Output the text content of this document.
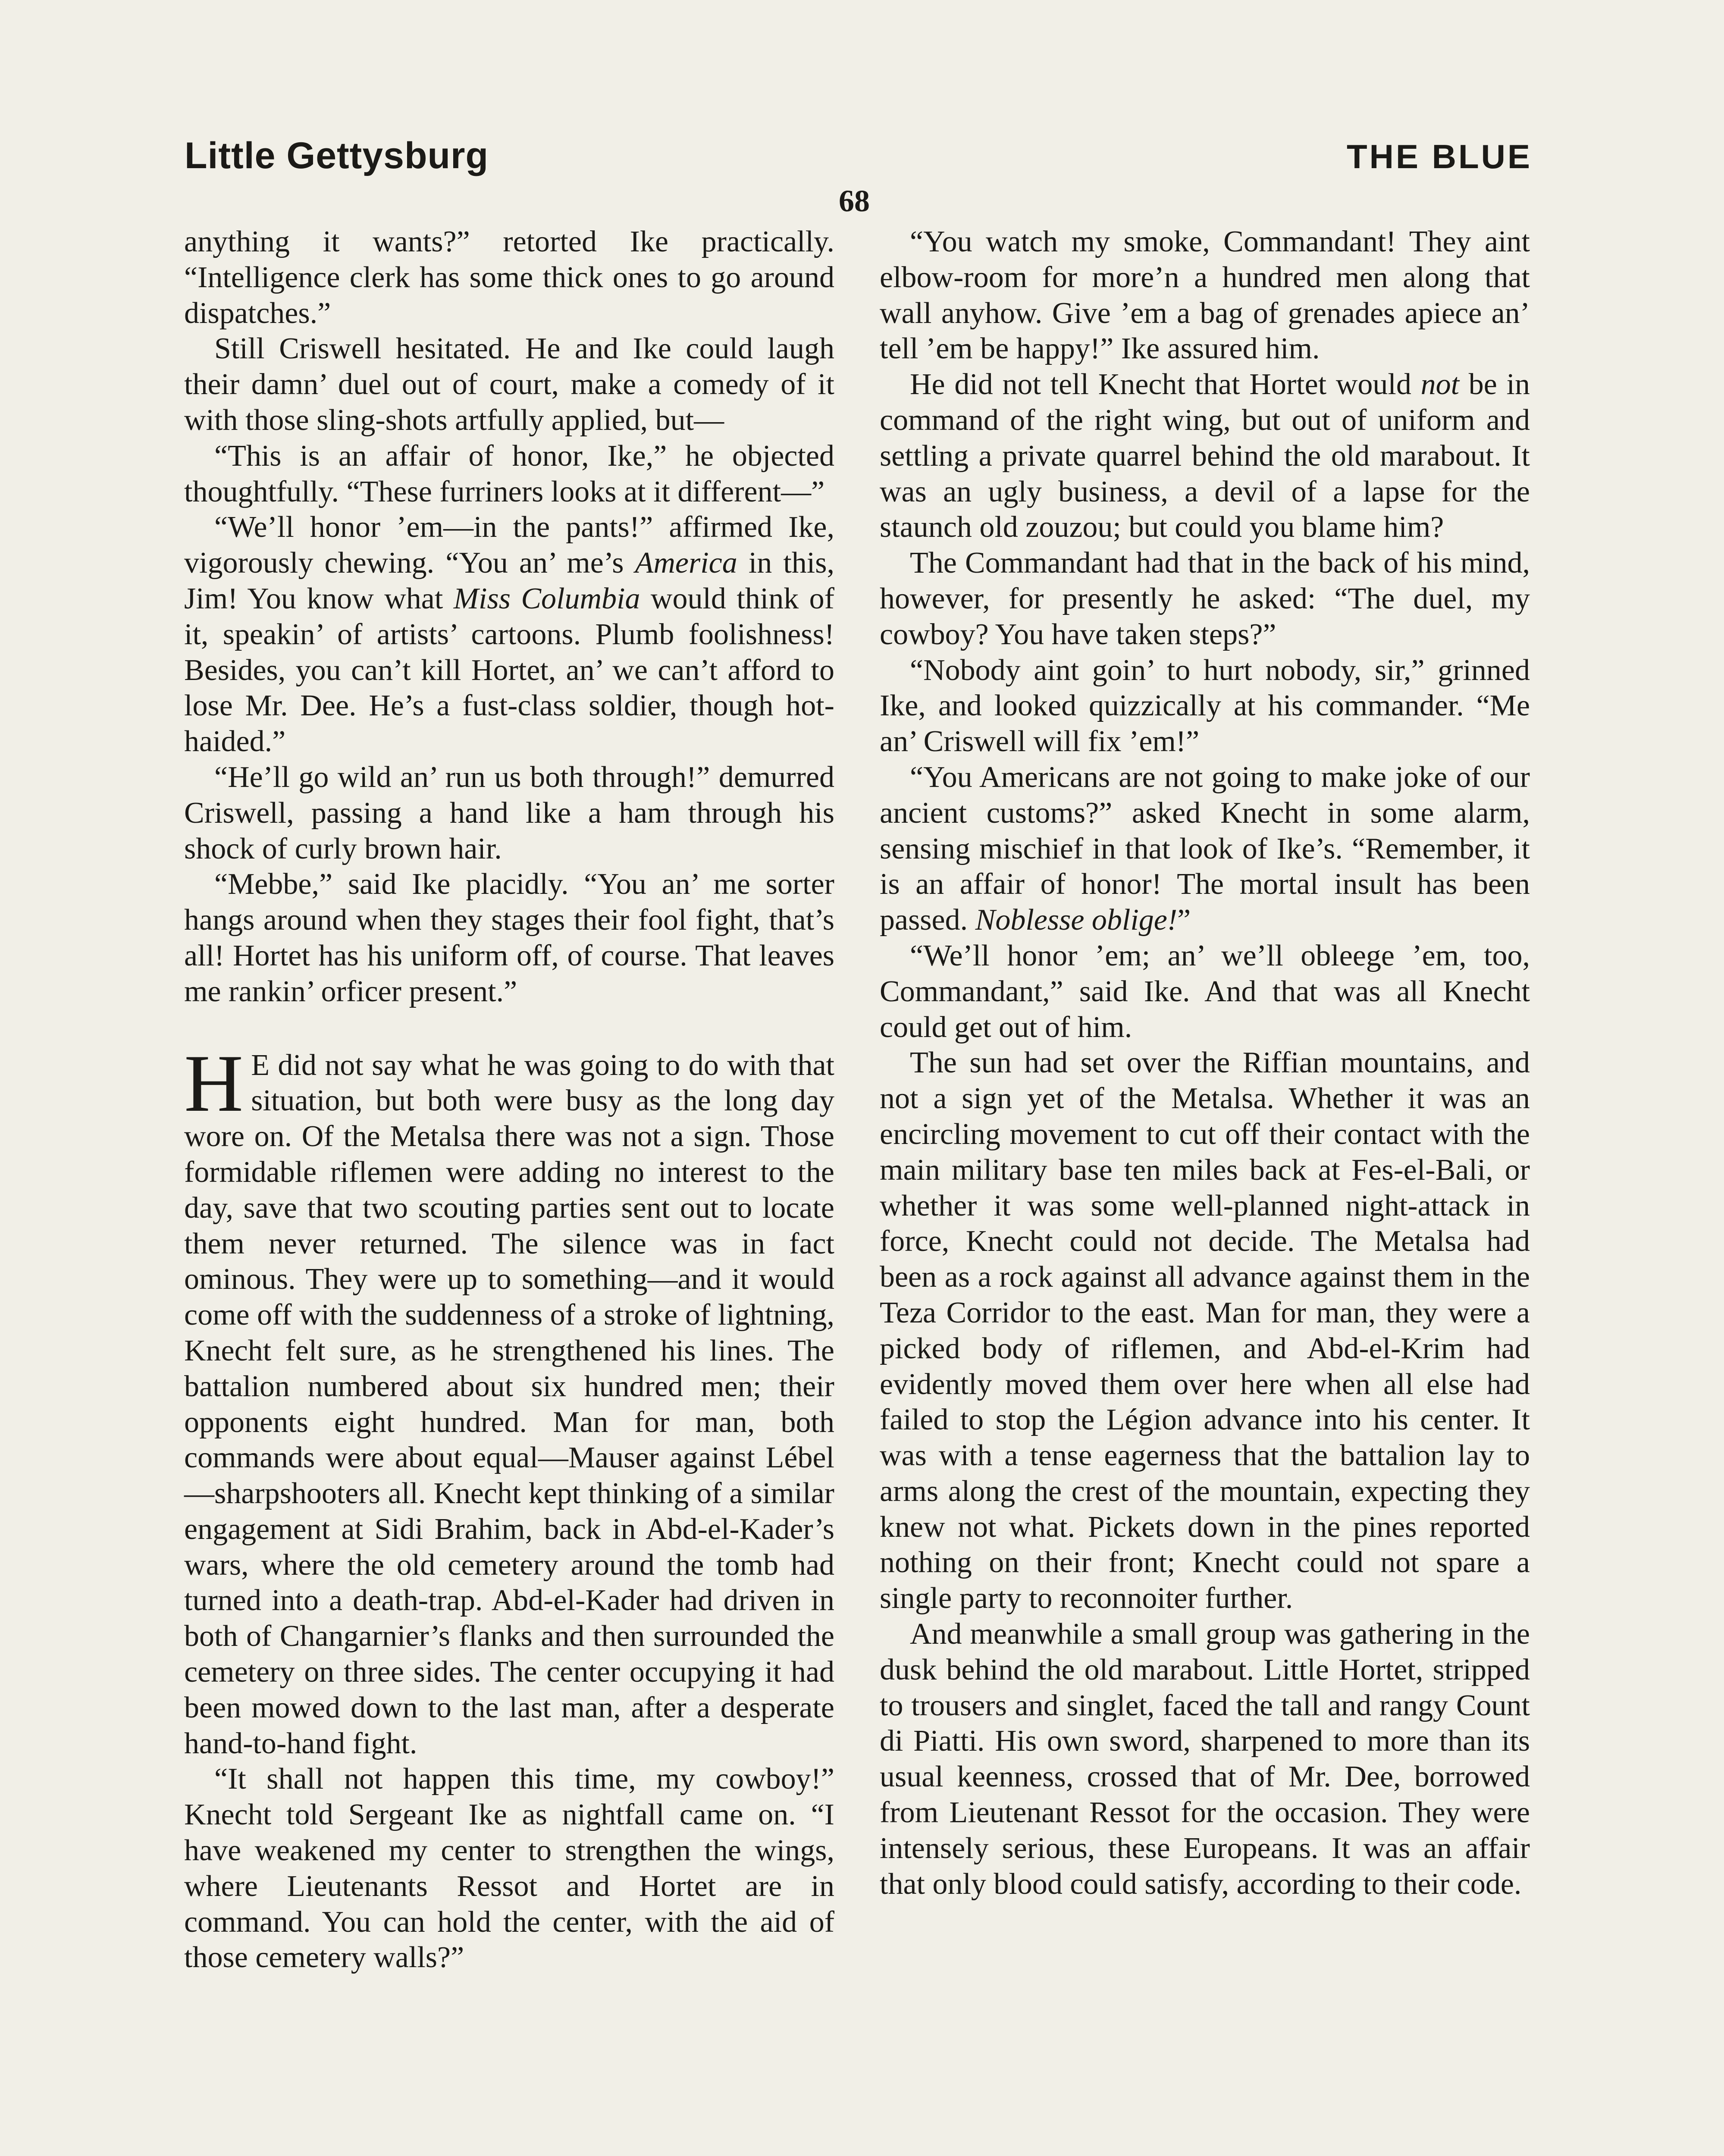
Little Gettysburg	THE BLUE
68

anything it wants?” retorted Ike practically. “Intelligence clerk has some thick ones to go around dispatches.”

Still Criswell hesitated. He and Ike could laugh their damn’ duel out of court, make a comedy of it with those sling-shots artfully applied, but—

“This is an affair of honor, Ike,” he objected thoughtfully. “These furriners looks at it different—”

“We’ll honor ’em—in the pants!” affirmed Ike, vigorously chewing. “You an’ me’s America in this, Jim! You know what Miss Columbia would think of it, speakin’ of artists’ cartoons. Plumb foolishness! Besides, you can’t kill Hortet, an’ we can’t afford to lose Mr. Dee. He’s a fust-class soldier, though hot-haided.”

“He’ll go wild an’ run us both through!” demurred Criswell, passing a hand like a ham through his shock of curly brown hair.

“Mebbe,” said Ike placidly. “You an’ me sorter hangs around when they stages their fool fight, that’s all! Hortet has his uniform off, of course. That leaves me rankin’ orficer present.”

HE did not say what he was going to do with that situation, but both were busy as the long day wore on. Of the Metalsa there was not a sign. Those formidable riflemen were adding no interest to the day, save that two scouting parties sent out to locate them never returned. The silence was in fact ominous. They were up to something—and it would come off with the suddenness of a stroke of lightning, Knecht felt sure, as he strengthened his lines. The battalion numbered about six hundred men; their opponents eight hundred. Man for man, both commands were about equal—Mauser against Lébel—sharpshooters all. Knecht kept thinking of a similar engagement at Sidi Brahim, back in Abd-el-Kader’s wars, where the old cemetery around the tomb had turned into a death-trap. Abd-el-Kader had driven in both of Changarnier’s flanks and then surrounded the cemetery on three sides. The center occupying it had been mowed down to the last man, after a desperate hand-to-hand fight.

“It shall not happen this time, my cowboy!” Knecht told Sergeant Ike as nightfall came on. “I have weakened my center to strengthen the wings, where Lieutenants Ressot and Hortet are in command. You can hold the center, with the aid of those cemetery walls?”

“You watch my smoke, Commandant! They aint elbow-room for more’n a hundred men along that wall anyhow. Give ’em a bag of grenades apiece an’ tell ’em be happy!” Ike assured him.

He did not tell Knecht that Hortet would not be in command of the right wing, but out of uniform and settling a private quarrel behind the old marabout. It was an ugly business, a devil of a lapse for the staunch old zouzou; but could you blame him?

The Commandant had that in the back of his mind, however, for presently he asked: “The duel, my cowboy? You have taken steps?”

“Nobody aint goin’ to hurt nobody, sir,” grinned Ike, and looked quizzically at his commander. “Me an’ Criswell will fix ’em!”

“You Americans are not going to make joke of our ancient customs?” asked Knecht in some alarm, sensing mischief in that look of Ike’s. “Remember, it is an affair of honor! The mortal insult has been passed. Noblesse oblige!”

“We’ll honor ’em; an’ we’ll obleege ’em, too, Commandant,” said Ike. And that was all Knecht could get out of him.

The sun had set over the Riffian mountains, and not a sign yet of the Metalsa. Whether it was an encircling movement to cut off their contact with the main military base ten miles back at Fes-el-Bali, or whether it was some well-planned night-attack in force, Knecht could not decide. The Metalsa had been as a rock against all advance against them in the Teza Corridor to the east. Man for man, they were a picked body of riflemen, and Abd-el-Krim had evidently moved them over here when all else had failed to stop the Légion advance into his center. It was with a tense eagerness that the battalion lay to arms along the crest of the mountain, expecting they knew not what. Pickets down in the pines reported nothing on their front; Knecht could not spare a single party to reconnoiter further.

And meanwhile a small group was gathering in the dusk behind the old marabout. Little Hortet, stripped to trousers and singlet, faced the tall and rangy Count di Piatti. His own sword, sharpened to more than its usual keenness, crossed that of Mr. Dee, borrowed from Lieutenant Ressot for the occasion. They were intensely serious, these Europeans. It was an affair that only blood could satisfy, according to their code.
